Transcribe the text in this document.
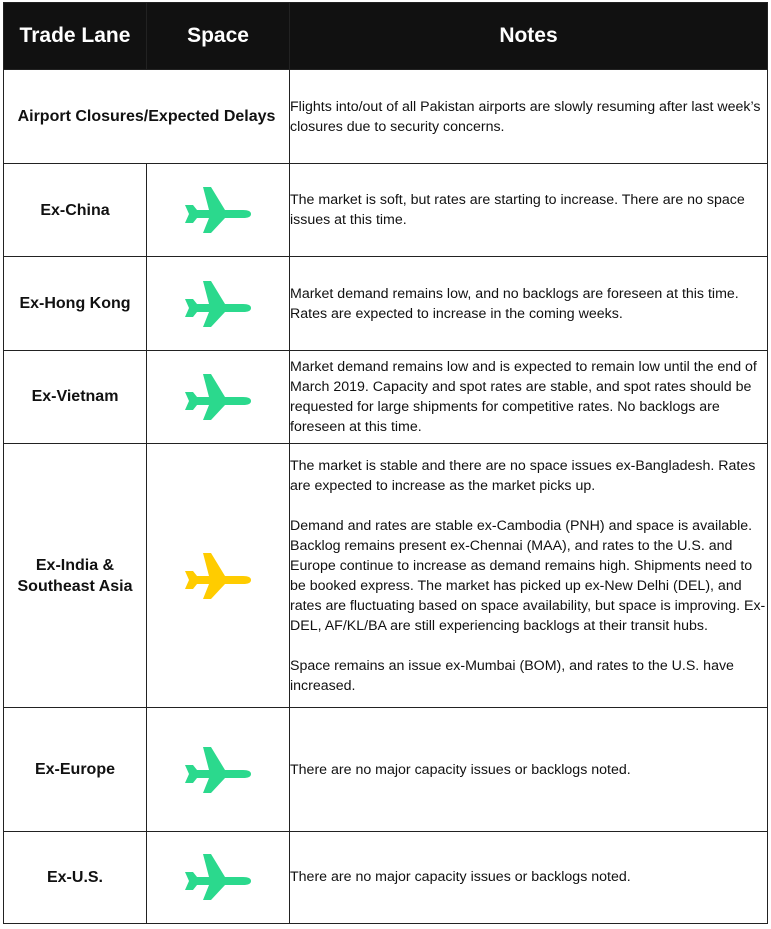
Trade Lane	Space	Notes
Airport Closures/Expected Delays		Flights into/out of all Pakistan airports are slowly resuming after last week’s closures due to security concerns.
Ex-China		The market is soft, but rates are starting to increase. There are no space issues at this time.

Ex-Hong Kong		Market demand remains low, and no backlogs are foreseen at this time. Rates are expected to increase in the coming weeks.

Ex-Vietnam		Market demand remains low and is expected to remain low until the end of March 2019. Capacity and spot rates are stable, and spot rates should be requested for large shipments for competitive rates. No backlogs are foreseen at this time.

Ex-India &
Southeast Asia		The market is stable and there are no space issues ex-Bangladesh. Rates are expected to increase as the market picks up.
Demand and rates are stable ex-Cambodia (PNH) and space is available. Backlog remains present ex-Chennai (MAA), and rates to the U.S. and Europe continue to increase as demand remains high. Shipments need to be booked express. The market has picked up ex-New Delhi (DEL), and rates are fluctuating based on space availability, but space is improving. Ex-DEL, AF/KL/BA are still experiencing backlogs at their transit hubs.
Space remains an issue ex-Mumbai (BOM), and rates to the U.S. have increased.

Ex-Europe		There are no major capacity issues or backlogs noted.

Ex-U.S.		There are no major capacity issues or backlogs noted.
